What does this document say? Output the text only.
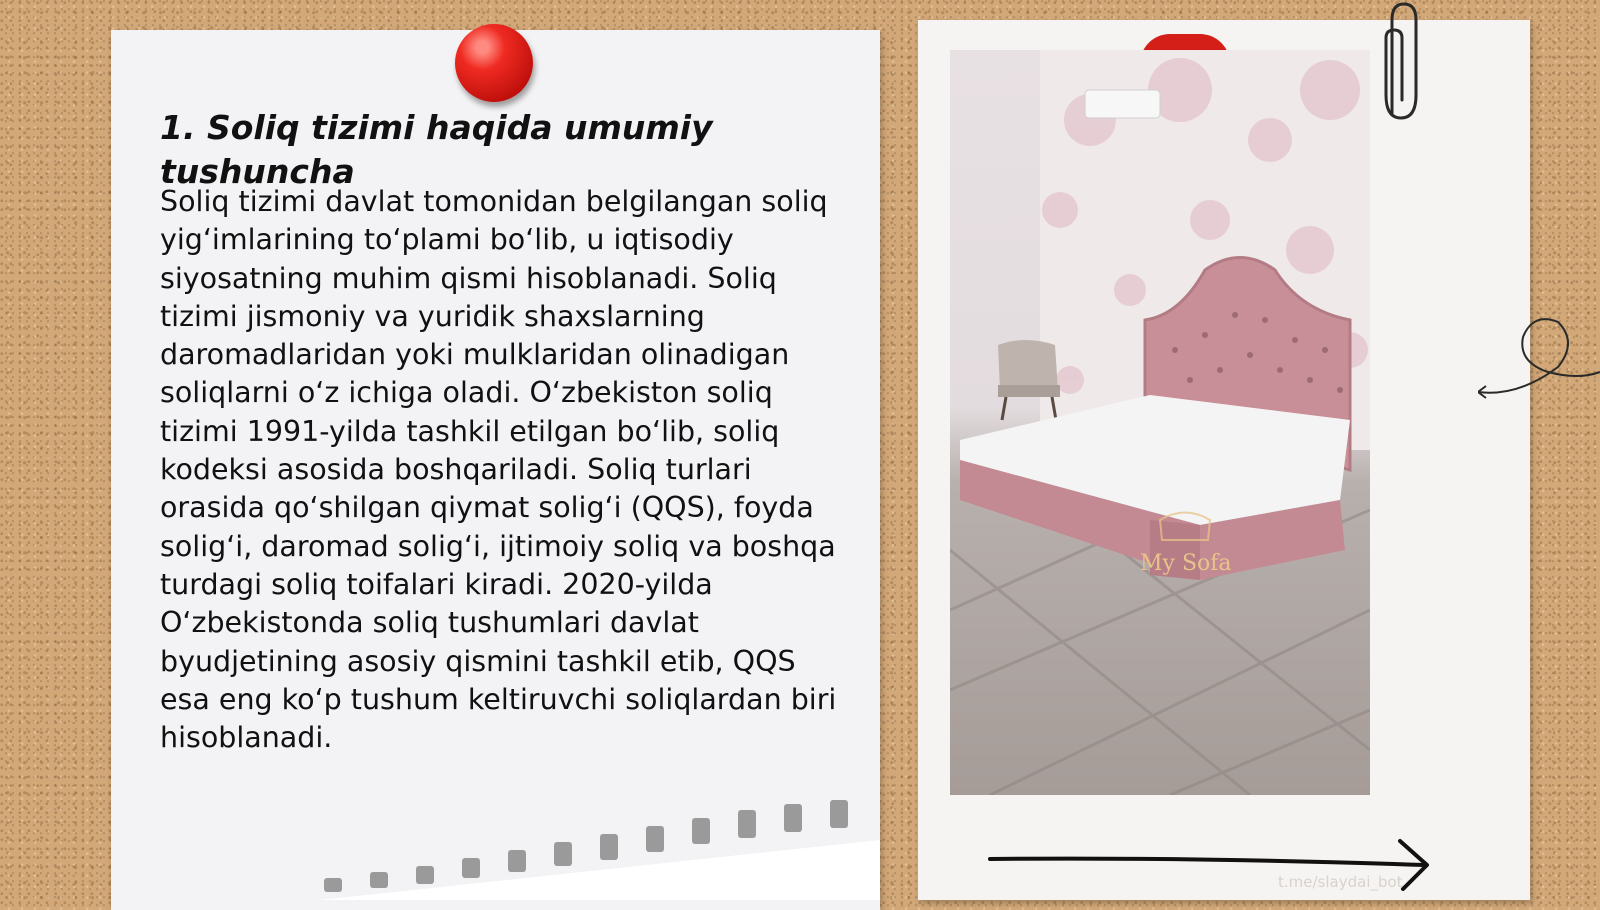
1. Soliq tizimi haqida umumiy tushuncha

Soliq tizimi davlat tomonidan belgilangan soliq yig‘imlarining to‘plami bo‘lib, u iqtisodiy siyosatning muhim qismi hisoblanadi. Soliq tizimi jismoniy va yuridik shaxslarning daromadlaridan yoki mulklaridan olinadigan soliqlarni o‘z ichiga oladi. O‘zbekiston soliq tizimi 1991-yilda tashkil etilgan bo‘lib, soliq kodeksi asosida boshqariladi. Soliq turlari orasida qo‘shilgan qiymat solig‘i (QQS), foyda solig‘i, daromad solig‘i, ijtimoiy soliq va boshqa turdagi soliq toifalari kiradi. 2020-yilda O‘zbekistonda soliq tushumlari davlat byudjetining asosiy qismini tashkil etib, QQS esa eng ko‘p tushum keltiruvchi soliqlardan biri hisoblanadi.

My Sofa
t.me/slaydai_bot
